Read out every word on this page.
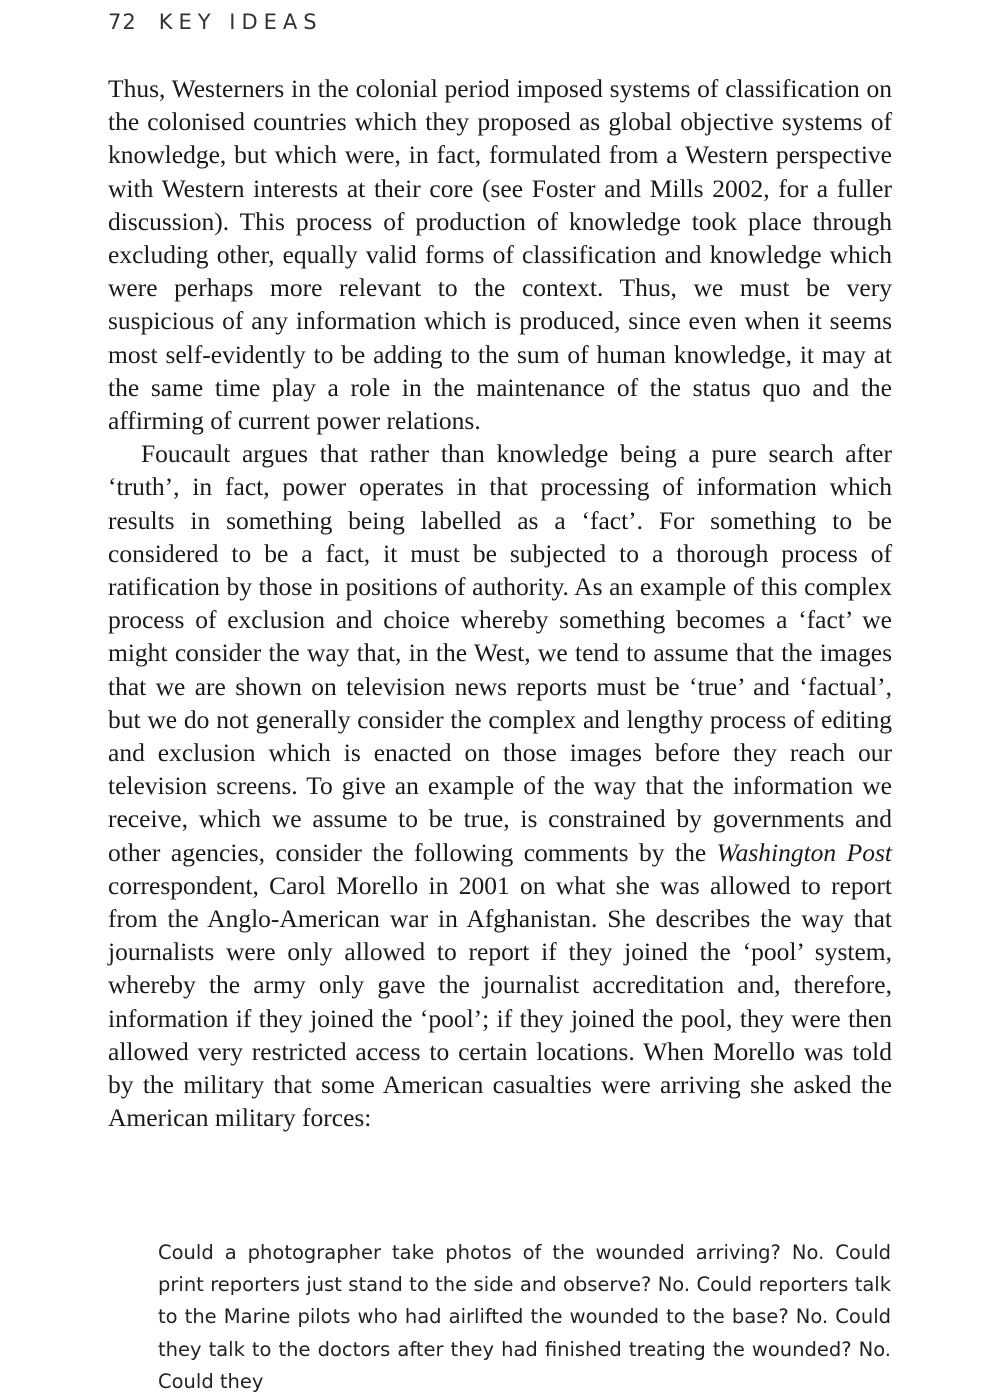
72 KEY IDEAS

Thus, Westerners in the colonial period imposed systems of classification on the colonised countries which they proposed as global objective systems of knowledge, but which were, in fact, formulated from a Western perspective with Western interests at their core (see Foster and Mills 2002, for a fuller discussion). This process of production of knowledge took place through excluding other, equally valid forms of classification and knowledge which were perhaps more relevant to the context. Thus, we must be very suspicious of any information which is produced, since even when it seems most self-evidently to be adding to the sum of human knowledge, it may at the same time play a role in the maintenance of the status quo and the affirming of current power relations.

Foucault argues that rather than knowledge being a pure search after ‘truth’, in fact, power operates in that processing of information which results in something being labelled as a ‘fact’. For something to be considered to be a fact, it must be subjected to a thorough process of ratification by those in positions of authority. As an example of this complex process of exclusion and choice whereby something becomes a ‘fact’ we might consider the way that, in the West, we tend to assume that the images that we are shown on television news reports must be ‘true’ and ‘factual’, but we do not generally consider the complex and lengthy process of editing and exclusion which is enacted on those images before they reach our television screens. To give an example of the way that the information we receive, which we assume to be true, is constrained by governments and other agencies, consider the following comments by the Washington Post correspondent, Carol Morello in 2001 on what she was allowed to report from the Anglo-American war in Afghanistan. She describes the way that journalists were only allowed to report if they joined the ‘pool’ system, whereby the army only gave the journalist accreditation and, therefore, information if they joined the ‘pool’; if they joined the pool, they were then allowed very restricted access to certain locations. When Morello was told by the military that some American casualties were arriving she asked the American military forces:

Could a photographer take photos of the wounded arriving? No. Could print reporters just stand to the side and observe? No. Could reporters talk to the Marine pilots who had airlifted the wounded to the base? No. Could they talk to the doctors after they had finished treating the wounded? No. Could they
